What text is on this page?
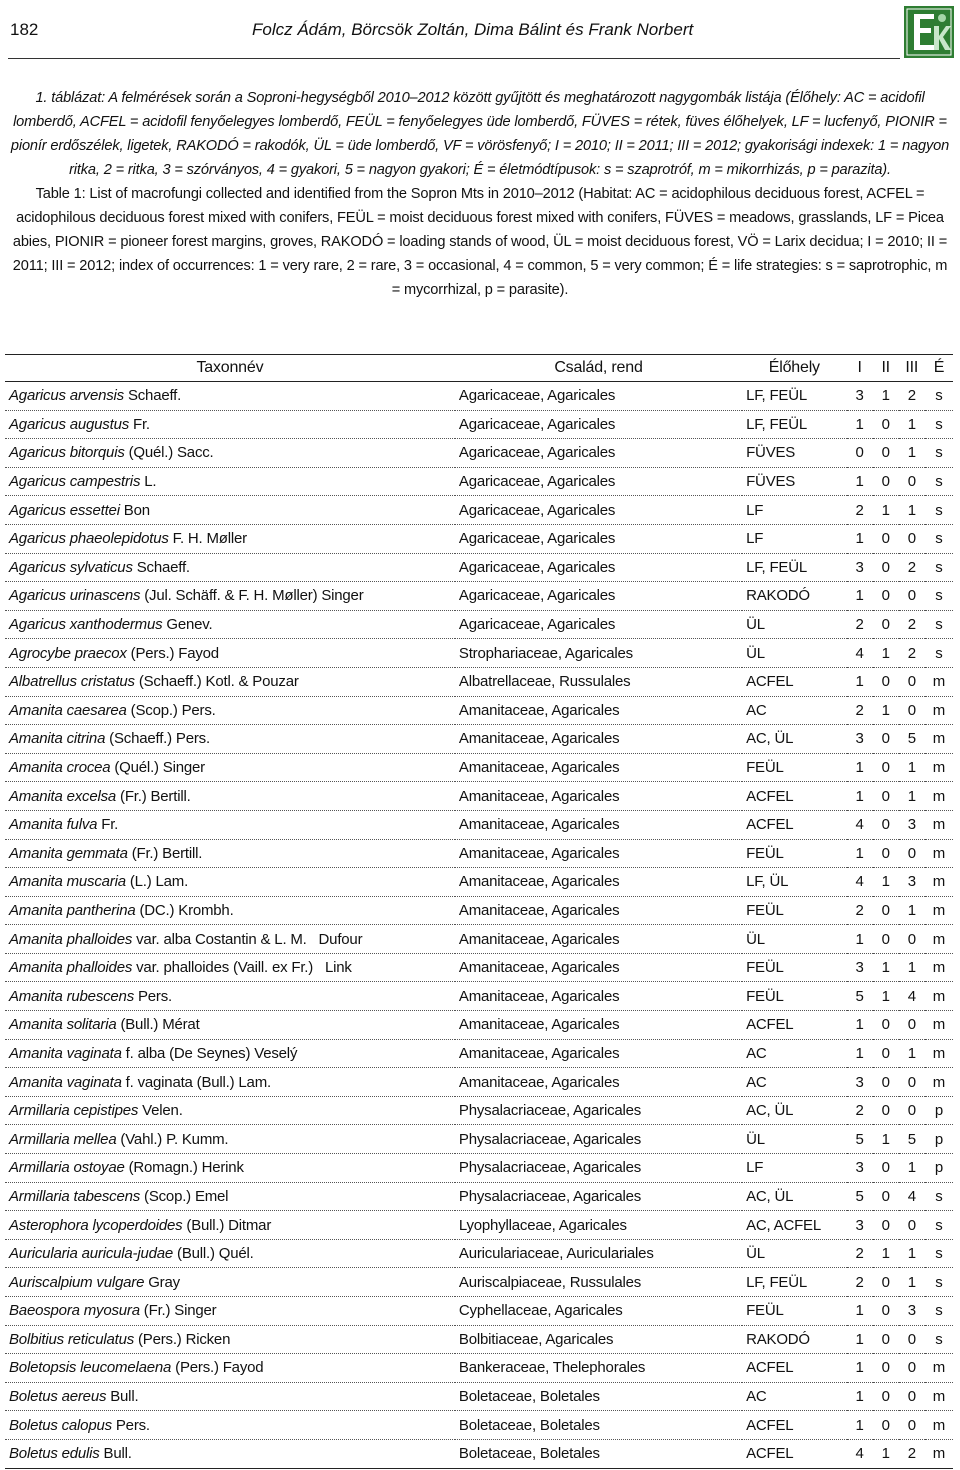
182	Folcz Ádám, Börcsök Zoltán, Dima Bálint és Frank Norbert

1. táblázat: A felmérések során a Soproni-hegységből 2010–2012 között gyűjtött és meghatározott nagygombák listája (Élőhely: AC = acidofil lomberdő, ACFEL = acidofil fenyőelegyes lomberdő, FEÜL = fenyőelegyes üde lomberdő, FÜVES = rétek, füves élőhelyek, LF = lucfenyő, PIONIR = pionír erdőszélek, ligetek, RAKODÓ = rakodók, ÜL = üde lomberdő, VF = vörösfenyő; I = 2010; II = 2011; III = 2012; gyakorisági indexek: 1 = nagyon ritka, 2 = ritka, 3 = szórványos, 4 = gyakori, 5 = nagyon gyakori; É = életmódtípusok: s = szaprotróf, m = mikorrhizás, p = parazita).

Table 1: List of macrofungi collected and identified from the Sopron Mts in 2010–2012 (Habitat: AC = acidophilous deciduous forest, ACFEL = acidophilous deciduous forest mixed with conifers, FEÜL = moist deciduous forest mixed with conifers, FÜVES = meadows, grasslands, LF = Picea abies, PIONIR = pioneer forest margins, groves, RAKODÓ = loading stands of wood, ÜL = moist deciduous forest, VÖ = Larix decidua; I = 2010; II = 2011; III = 2012; index of occurrences: 1 = very rare, 2 = rare, 3 = occasional, 4 = common, 5 = very common; É = life strategies: s = saprotrophic, m = mycorrhizal, p = parasite).

Taxonnév	Család, rend	Élőhely	I	II	III	É
Agaricus arvensis Schaeff.	Agaricaceae, Agaricales	LF, FEÜL	3	1	2	s
Agaricus augustus Fr.	Agaricaceae, Agaricales	LF, FEÜL	1	0	1	s
Agaricus bitorquis (Quél.) Sacc.	Agaricaceae, Agaricales	FÜVES	0	0	1	s
Agaricus campestris L.	Agaricaceae, Agaricales	FÜVES	1	0	0	s
Agaricus essettei Bon	Agaricaceae, Agaricales	LF	2	1	1	s
Agaricus phaeolepidotus F. H. Møller	Agaricaceae, Agaricales	LF	1	0	0	s
Agaricus sylvaticus Schaeff.	Agaricaceae, Agaricales	LF, FEÜL	3	0	2	s
Agaricus urinascens (Jul. Schäff. & F. H. Møller) Singer	Agaricaceae, Agaricales	RAKODÓ	1	0	0	s
Agaricus xanthodermus Genev.	Agaricaceae, Agaricales	ÜL	2	0	2	s
Agrocybe praecox (Pers.) Fayod	Strophariaceae, Agaricales	ÜL	4	1	2	s
Albatrellus cristatus (Schaeff.) Kotl. & Pouzar	Albatrellaceae, Russulales	ACFEL	1	0	0	m
Amanita caesarea (Scop.) Pers.	Amanitaceae, Agaricales	AC	2	1	0	m
Amanita citrina (Schaeff.) Pers.	Amanitaceae, Agaricales	AC, ÜL	3	0	5	m
Amanita crocea (Quél.) Singer	Amanitaceae, Agaricales	FEÜL	1	0	1	m
Amanita excelsa (Fr.) Bertill.	Amanitaceae, Agaricales	ACFEL	1	0	1	m
Amanita fulva Fr.	Amanitaceae, Agaricales	ACFEL	4	0	3	m
Amanita gemmata (Fr.) Bertill.	Amanitaceae, Agaricales	FEÜL	1	0	0	m
Amanita muscaria (L.) Lam.	Amanitaceae, Agaricales	LF, ÜL	4	1	3	m
Amanita pantherina (DC.) Krombh.	Amanitaceae, Agaricales	FEÜL	2	0	1	m
Amanita phalloides var. alba Costantin & L. M.   Dufour	Amanitaceae, Agaricales	ÜL	1	0	0	m
Amanita phalloides var. phalloides (Vaill. ex Fr.)   Link	Amanitaceae, Agaricales	FEÜL	3	1	1	m
Amanita rubescens Pers.	Amanitaceae, Agaricales	FEÜL	5	1	4	m
Amanita solitaria (Bull.) Mérat	Amanitaceae, Agaricales	ACFEL	1	0	0	m
Amanita vaginata f. alba (De Seynes) Veselý	Amanitaceae, Agaricales	AC	1	0	1	m
Amanita vaginata f. vaginata (Bull.) Lam.	Amanitaceae, Agaricales	AC	3	0	0	m
Armillaria cepistipes Velen.	Physalacriaceae, Agaricales	AC, ÜL	2	0	0	p
Armillaria mellea (Vahl.) P. Kumm.	Physalacriaceae, Agaricales	ÜL	5	1	5	p
Armillaria ostoyae (Romagn.) Herink	Physalacriaceae, Agaricales	LF	3	0	1	p
Armillaria tabescens (Scop.) Emel	Physalacriaceae, Agaricales	AC, ÜL	5	0	4	s
Asterophora lycoperdoides (Bull.) Ditmar	Lyophyllaceae, Agaricales	AC, ACFEL	3	0	0	s
Auricularia auricula-judae (Bull.) Quél.	Auriculariaceae, Auriculariales	ÜL	2	1	1	s
Auriscalpium vulgare Gray	Auriscalpiaceae, Russulales	LF, FEÜL	2	0	1	s
Baeospora myosura (Fr.) Singer	Cyphellaceae, Agaricales	FEÜL	1	0	3	s
Bolbitius reticulatus (Pers.) Ricken	Bolbitiaceae, Agaricales	RAKODÓ	1	0	0	s
Boletopsis leucomelaena (Pers.) Fayod	Bankeraceae, Thelephorales	ACFEL	1	0	0	m
Boletus aereus Bull.	Boletaceae, Boletales	AC	1	0	0	m
Boletus calopus Pers.	Boletaceae, Boletales	ACFEL	1	0	0	m
Boletus edulis Bull.	Boletaceae, Boletales	ACFEL	4	1	2	m
